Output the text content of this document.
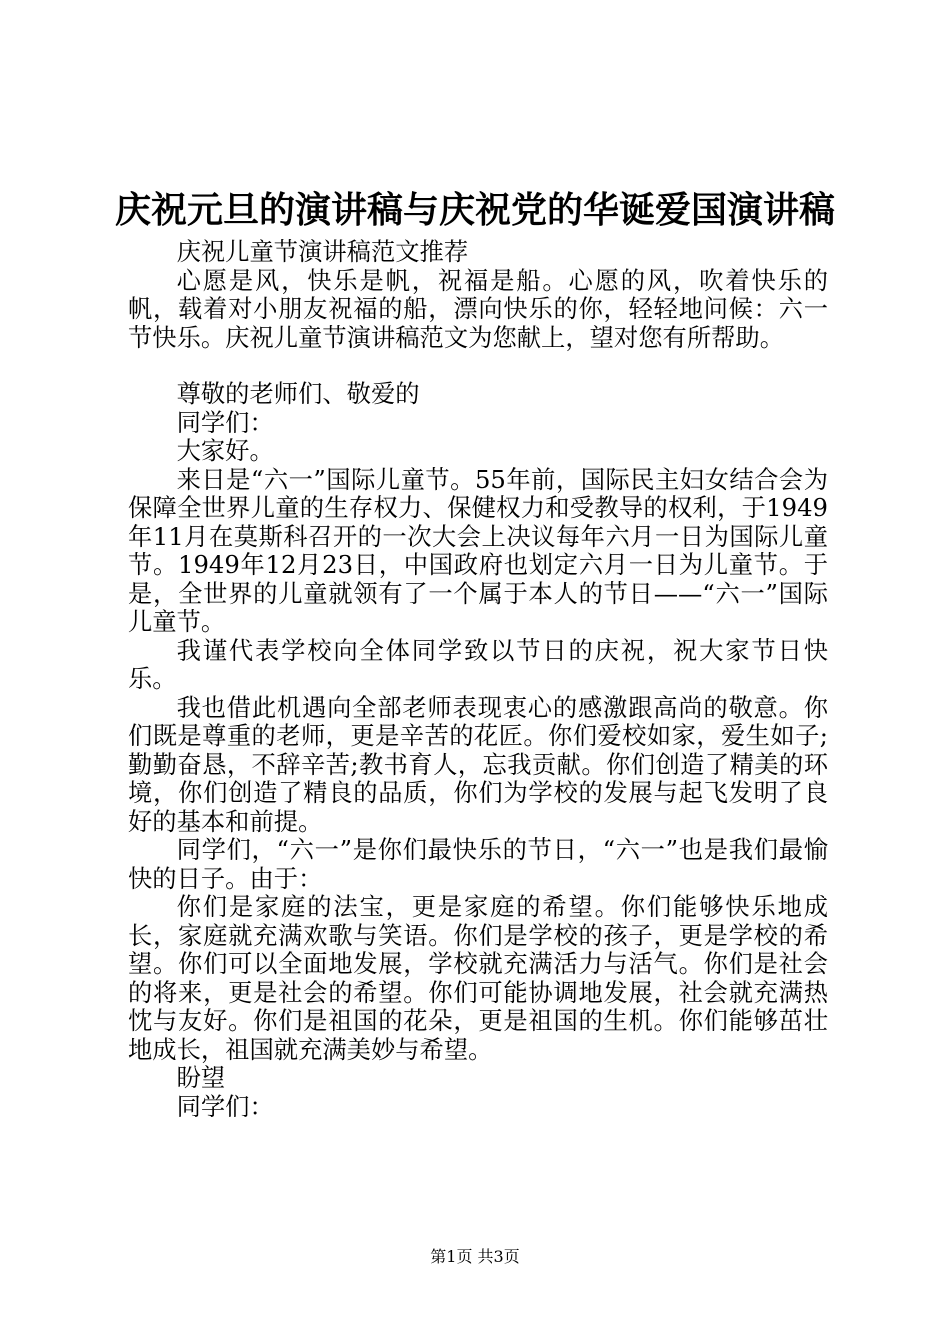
庆祝元旦的演讲稿与庆祝党的华诞爱国演讲稿

庆祝儿童节演讲稿范文推荐

心愿是风，快乐是帆，祝福是船。心愿的风，吹着快乐的帆，载着对小朋友祝福的船，漂向快乐的你，轻轻地问候：六一节快乐。庆祝儿童节演讲稿范文为您献上，望对您有所帮助。

尊敬的老师们、敬爱的

同学们：

大家好。

来日是“六一”国际儿童节。55年前，国际民主妇女结合会为保障全世界儿童的生存权力、保健权力和受教导的权利，于1949年11月在莫斯科召开的一次大会上决议每年六月一日为国际儿童节。1949年12月23日，中国政府也划定六月一日为儿童节。于是，全世界的儿童就领有了一个属于本人的节日——“六一”国际儿童节。

我谨代表学校向全体同学致以节日的庆祝，祝大家节日快乐。

我也借此机遇向全部老师表现衷心的感激跟高尚的敬意。你们既是尊重的老师，更是辛苦的花匠。你们爱校如家，爱生如子;勤勤奋恳，不辞辛苦;教书育人，忘我贡献。你们创造了精美的环境，你们创造了精良的品质，你们为学校的发展与起飞发明了良好的基本和前提。

同学们，“六一”是你们最快乐的节日，“六一”也是我们最愉快的日子。由于：

你们是家庭的法宝，更是家庭的希望。你们能够快乐地成长，家庭就充满欢歌与笑语。你们是学校的孩子，更是学校的希望。你们可以全面地发展，学校就充满活力与活气。你们是社会的将来，更是社会的希望。你们可能协调地发展，社会就充满热忱与友好。你们是祖国的花朵，更是祖国的生机。你们能够茁壮地成长，祖国就充满美妙与希望。

盼望

同学们：

第1页 共3页
